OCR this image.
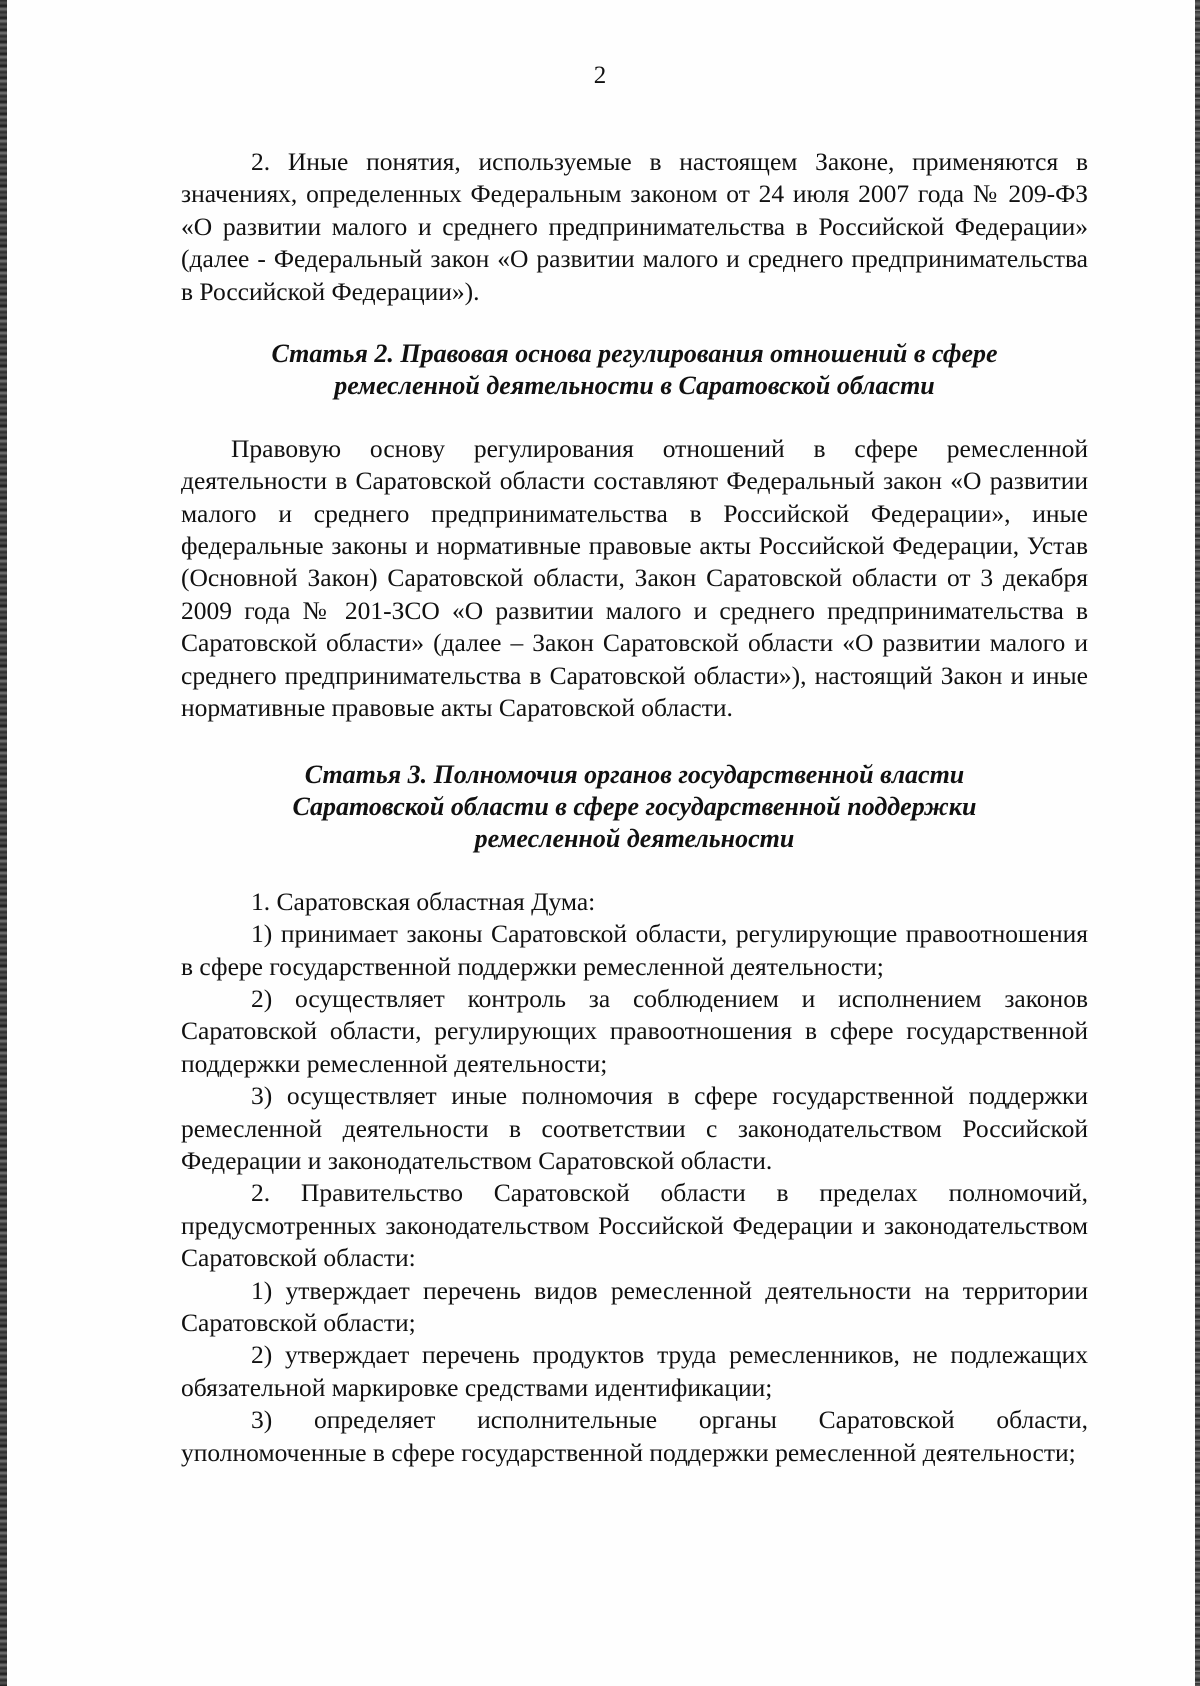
2

2. Иные понятия, используемые в настоящем Законе, применяются в значениях, определенных Федеральным законом от 24 июля 2007 года № 209-ФЗ «О развитии малого и среднего предпринимательства в Российской Федерации» (далее - Федеральный закон «О развитии малого и среднего предпринимательства в Российской Федерации»).

Статья 2. Правовая основа регулирования отношений в сфере
ремесленной деятельности в Саратовской области

Правовую основу регулирования отношений в сфере ремесленной деятельности в Саратовской области составляют Федеральный закон «О развитии малого и среднего предпринимательства в Российской Федерации», иные федеральные законы и нормативные правовые акты Российской Федерации, Устав (Основной Закон) Саратовской области, Закон Саратовской области от 3 декабря 2009 года № 201-ЗСО «О развитии малого и среднего предпринимательства в Саратовской области» (далее – Закон Саратовской области «О развитии малого и среднего предпринимательства в Саратовской области»), настоящий Закон и иные нормативные правовые акты Саратовской области.

Статья 3. Полномочия органов государственной власти
Саратовской области в сфере государственной поддержки
ремесленной деятельности

1. Саратовская областная Дума:

1) принимает законы Саратовской области, регулирующие правоотношения в сфере государственной поддержки ремесленной деятельности;

2) осуществляет контроль за соблюдением и исполнением законов Саратовской области, регулирующих правоотношения в сфере государственной поддержки ремесленной деятельности;

3) осуществляет иные полномочия в сфере государственной поддержки ремесленной деятельности в соответствии с законодательством Российской Федерации и законодательством Саратовской области.

2. Правительство Саратовской области в пределах полномочий, предусмотренных законодательством Российской Федерации и законодательством Саратовской области:

1) утверждает перечень видов ремесленной деятельности на территории Саратовской области;

2) утверждает перечень продуктов труда ремесленников, не подлежащих обязательной маркировке средствами идентификации;

3) определяет исполнительные органы Саратовской области, уполномоченные в сфере государственной поддержки ремесленной деятельности;
